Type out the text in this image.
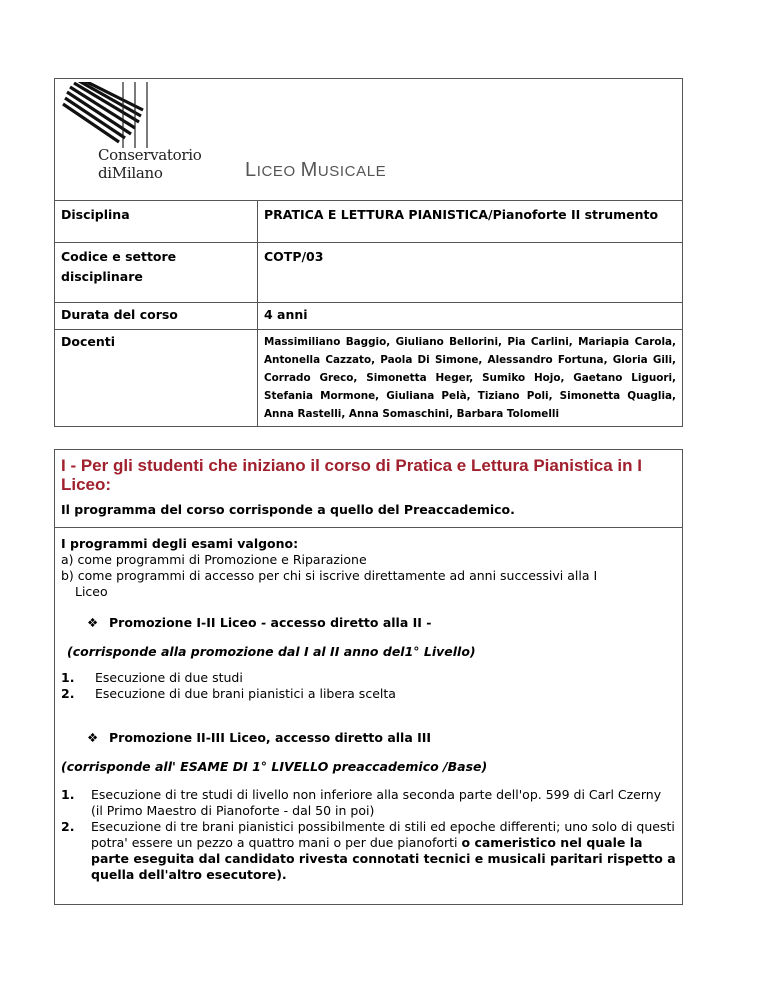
Conservatorio
diMilano LICEO MUSICALE	

Disciplina	PRATICA E LETTURA PIANISTICA/Pianoforte II strumento
Codice e settore disciplinare	COTP/03
Durata del corso	4 anni
Docenti	Massimiliano Baggio, Giuliano Bellorini, Pia Carlini, Mariapia Carola, Antonella Cazzato, Paola Di Simone, Alessandro Fortuna, Gloria Gili, Corrado Greco, Simonetta Heger, Sumiko Hojo, Gaetano Liguori, Stefania Mormone, Giuliana Pelà, Tiziano Poli, Simonetta Quaglia, Anna Rastelli, Anna Somaschini, Barbara Tolomelli
I - Per gli studenti che iniziano il corso di Pratica e Lettura Pianistica in I Liceo:
Il programma del corso corrisponde a quello del Preaccademico.
I programmi degli esami valgono:
a) come programmi di Promozione e Riparazione
b) come programmi di accesso per chi si iscrive direttamente ad anni successivi alla I
Liceo
❖ Promozione I-II Liceo - accesso diretto alla II -
(corrisponde alla promozione dal I al II anno del1° Livello)
1.	Esecuzione di due studi
2.	Esecuzione di due brani pianistici a libera scelta
❖ Promozione II-III Liceo, accesso diretto alla III
(corrisponde all' ESAME DI 1° LIVELLO preaccademico /Base)
1.	Esecuzione di tre studi di livello non inferiore alla seconda parte dell'op. 599 di Carl Czerny (il Primo Maestro di Pianoforte - dal 50 in poi)
2.	Esecuzione di tre brani pianistici possibilmente di stili ed epoche differenti; uno solo di questi potra' essere un pezzo a quattro mani o per due pianoforti o cameristico nel quale la parte eseguita dal candidato rivesta connotati tecnici e musicali paritari rispetto a quella dell'altro esecutore).
